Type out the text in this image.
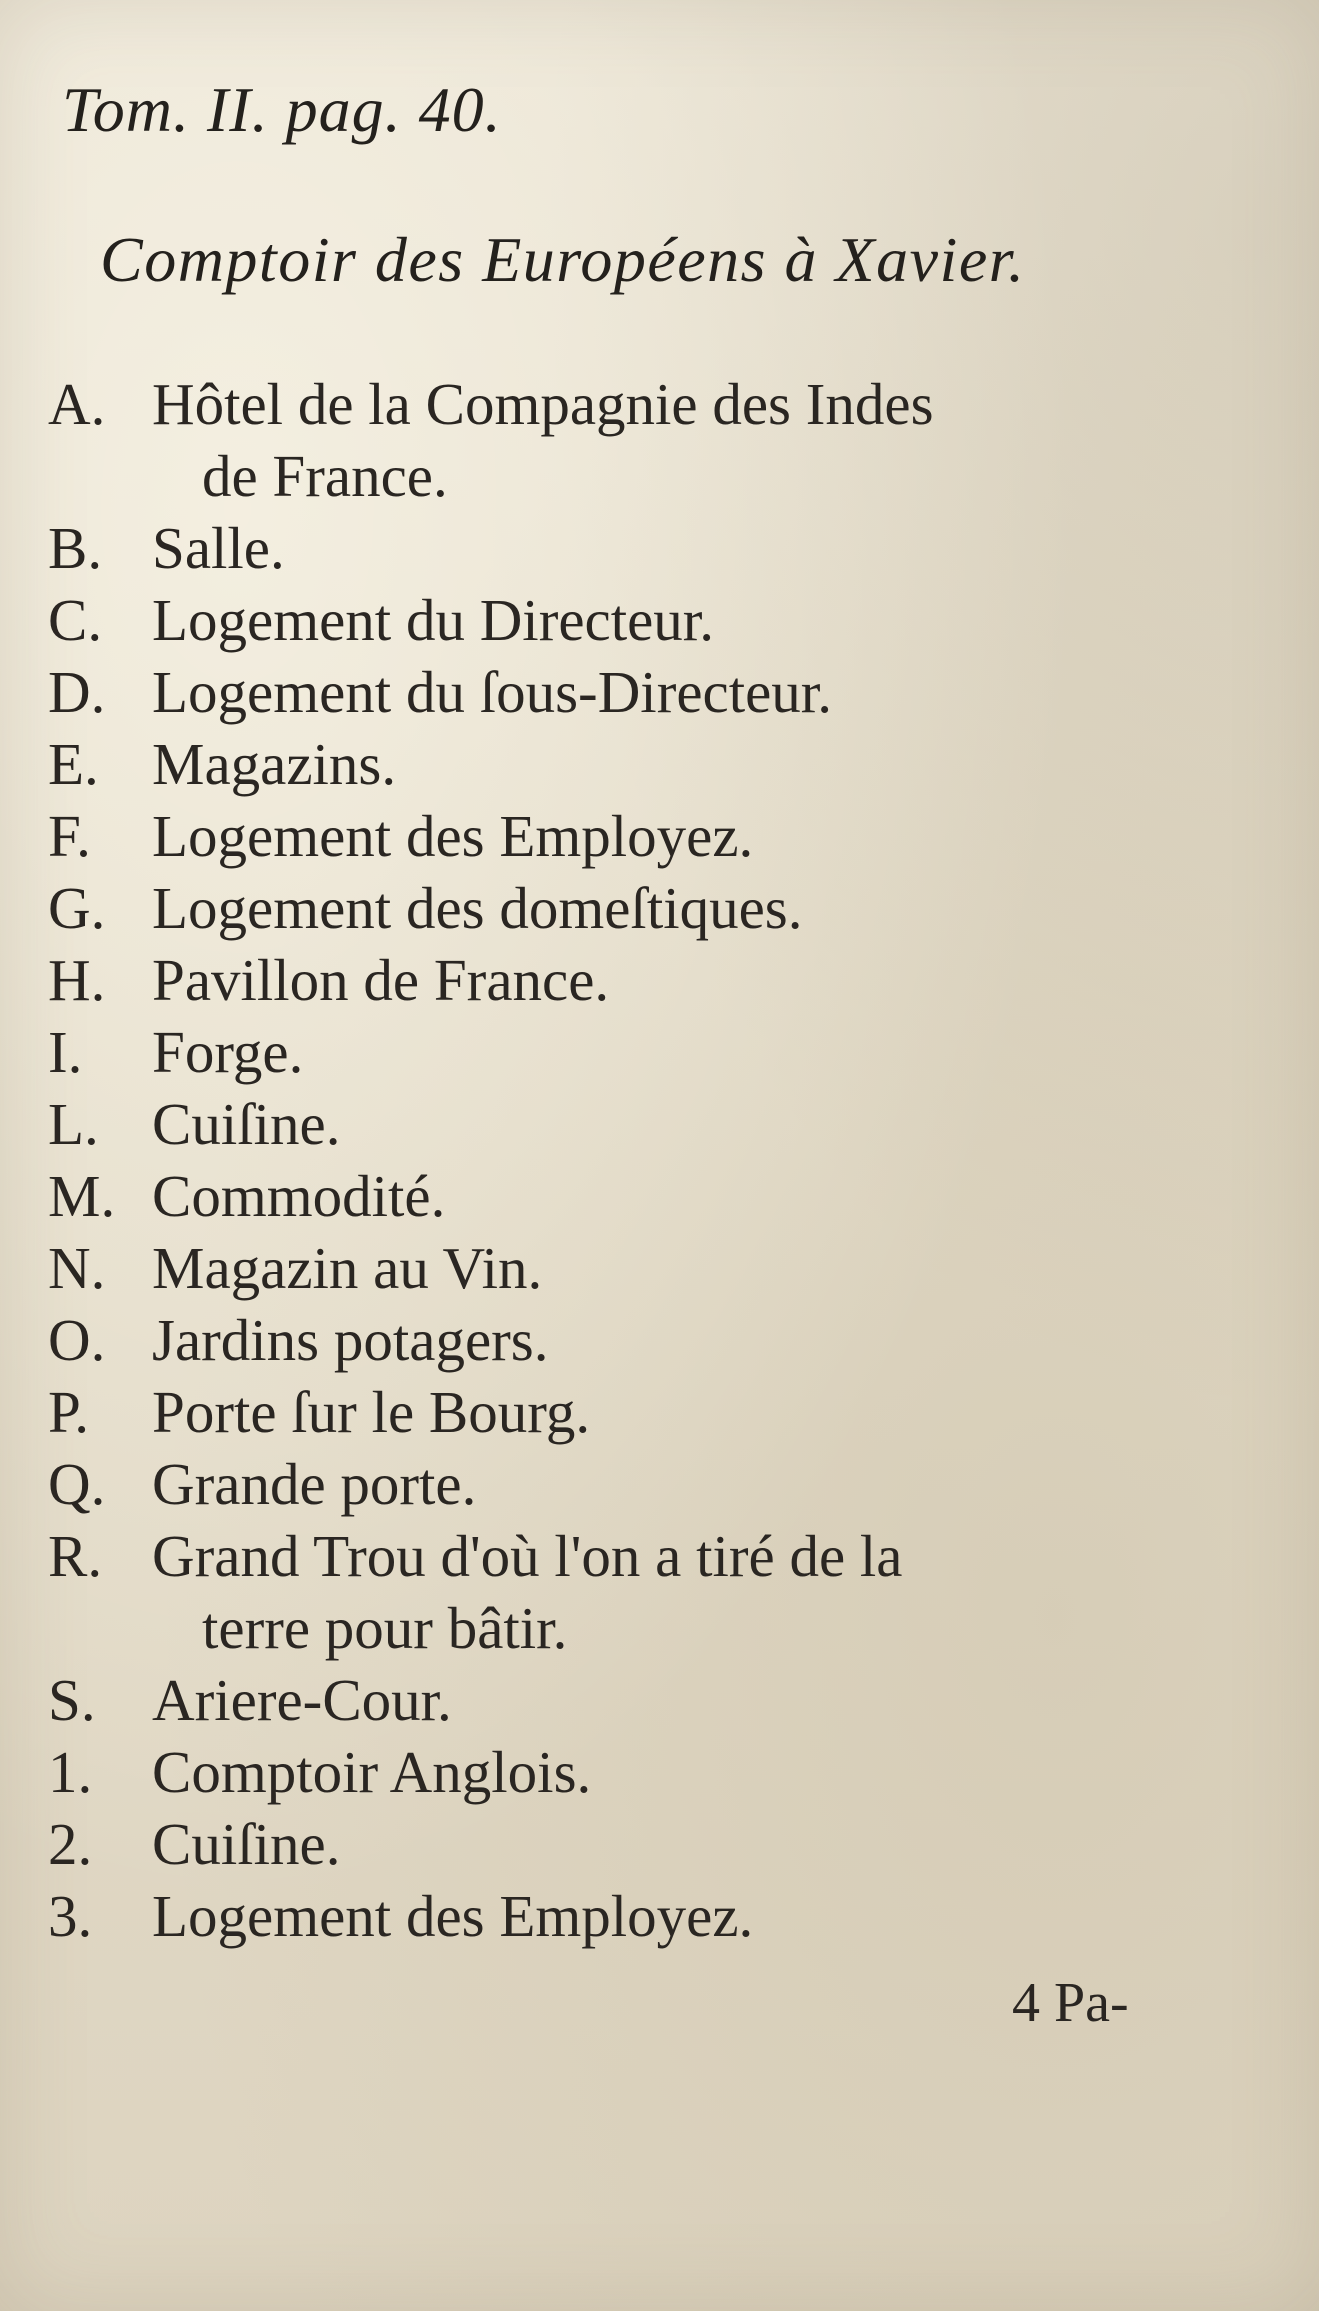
Tom. II. pag. 40.
Comptoir des Européens à Xavier.
A. Hôtel de la Compagnie des Indes
de France.
B. Salle.
C. Logement du Directeur.
D. Logement du ſous-Directeur.
E. Magazins.
F.	Logement des Employez.
G. Logement des domeſtiques.
H. Pavillon de France.
I.	Forge.
L. Cuiſine.
M. Commodité.
N. Magazin au Vin.
O. Jardins potagers.
P.	Porte ſur le Bourg.
Q. Grande porte.
R. Grand Trou d'où l'on a tiré de la
terre pour bâtir.
S. Ariere-Cour.
1.	Comptoir Anglois.
2.	Cuiſine.
3.	Logement des Employez.
4 Pa-
